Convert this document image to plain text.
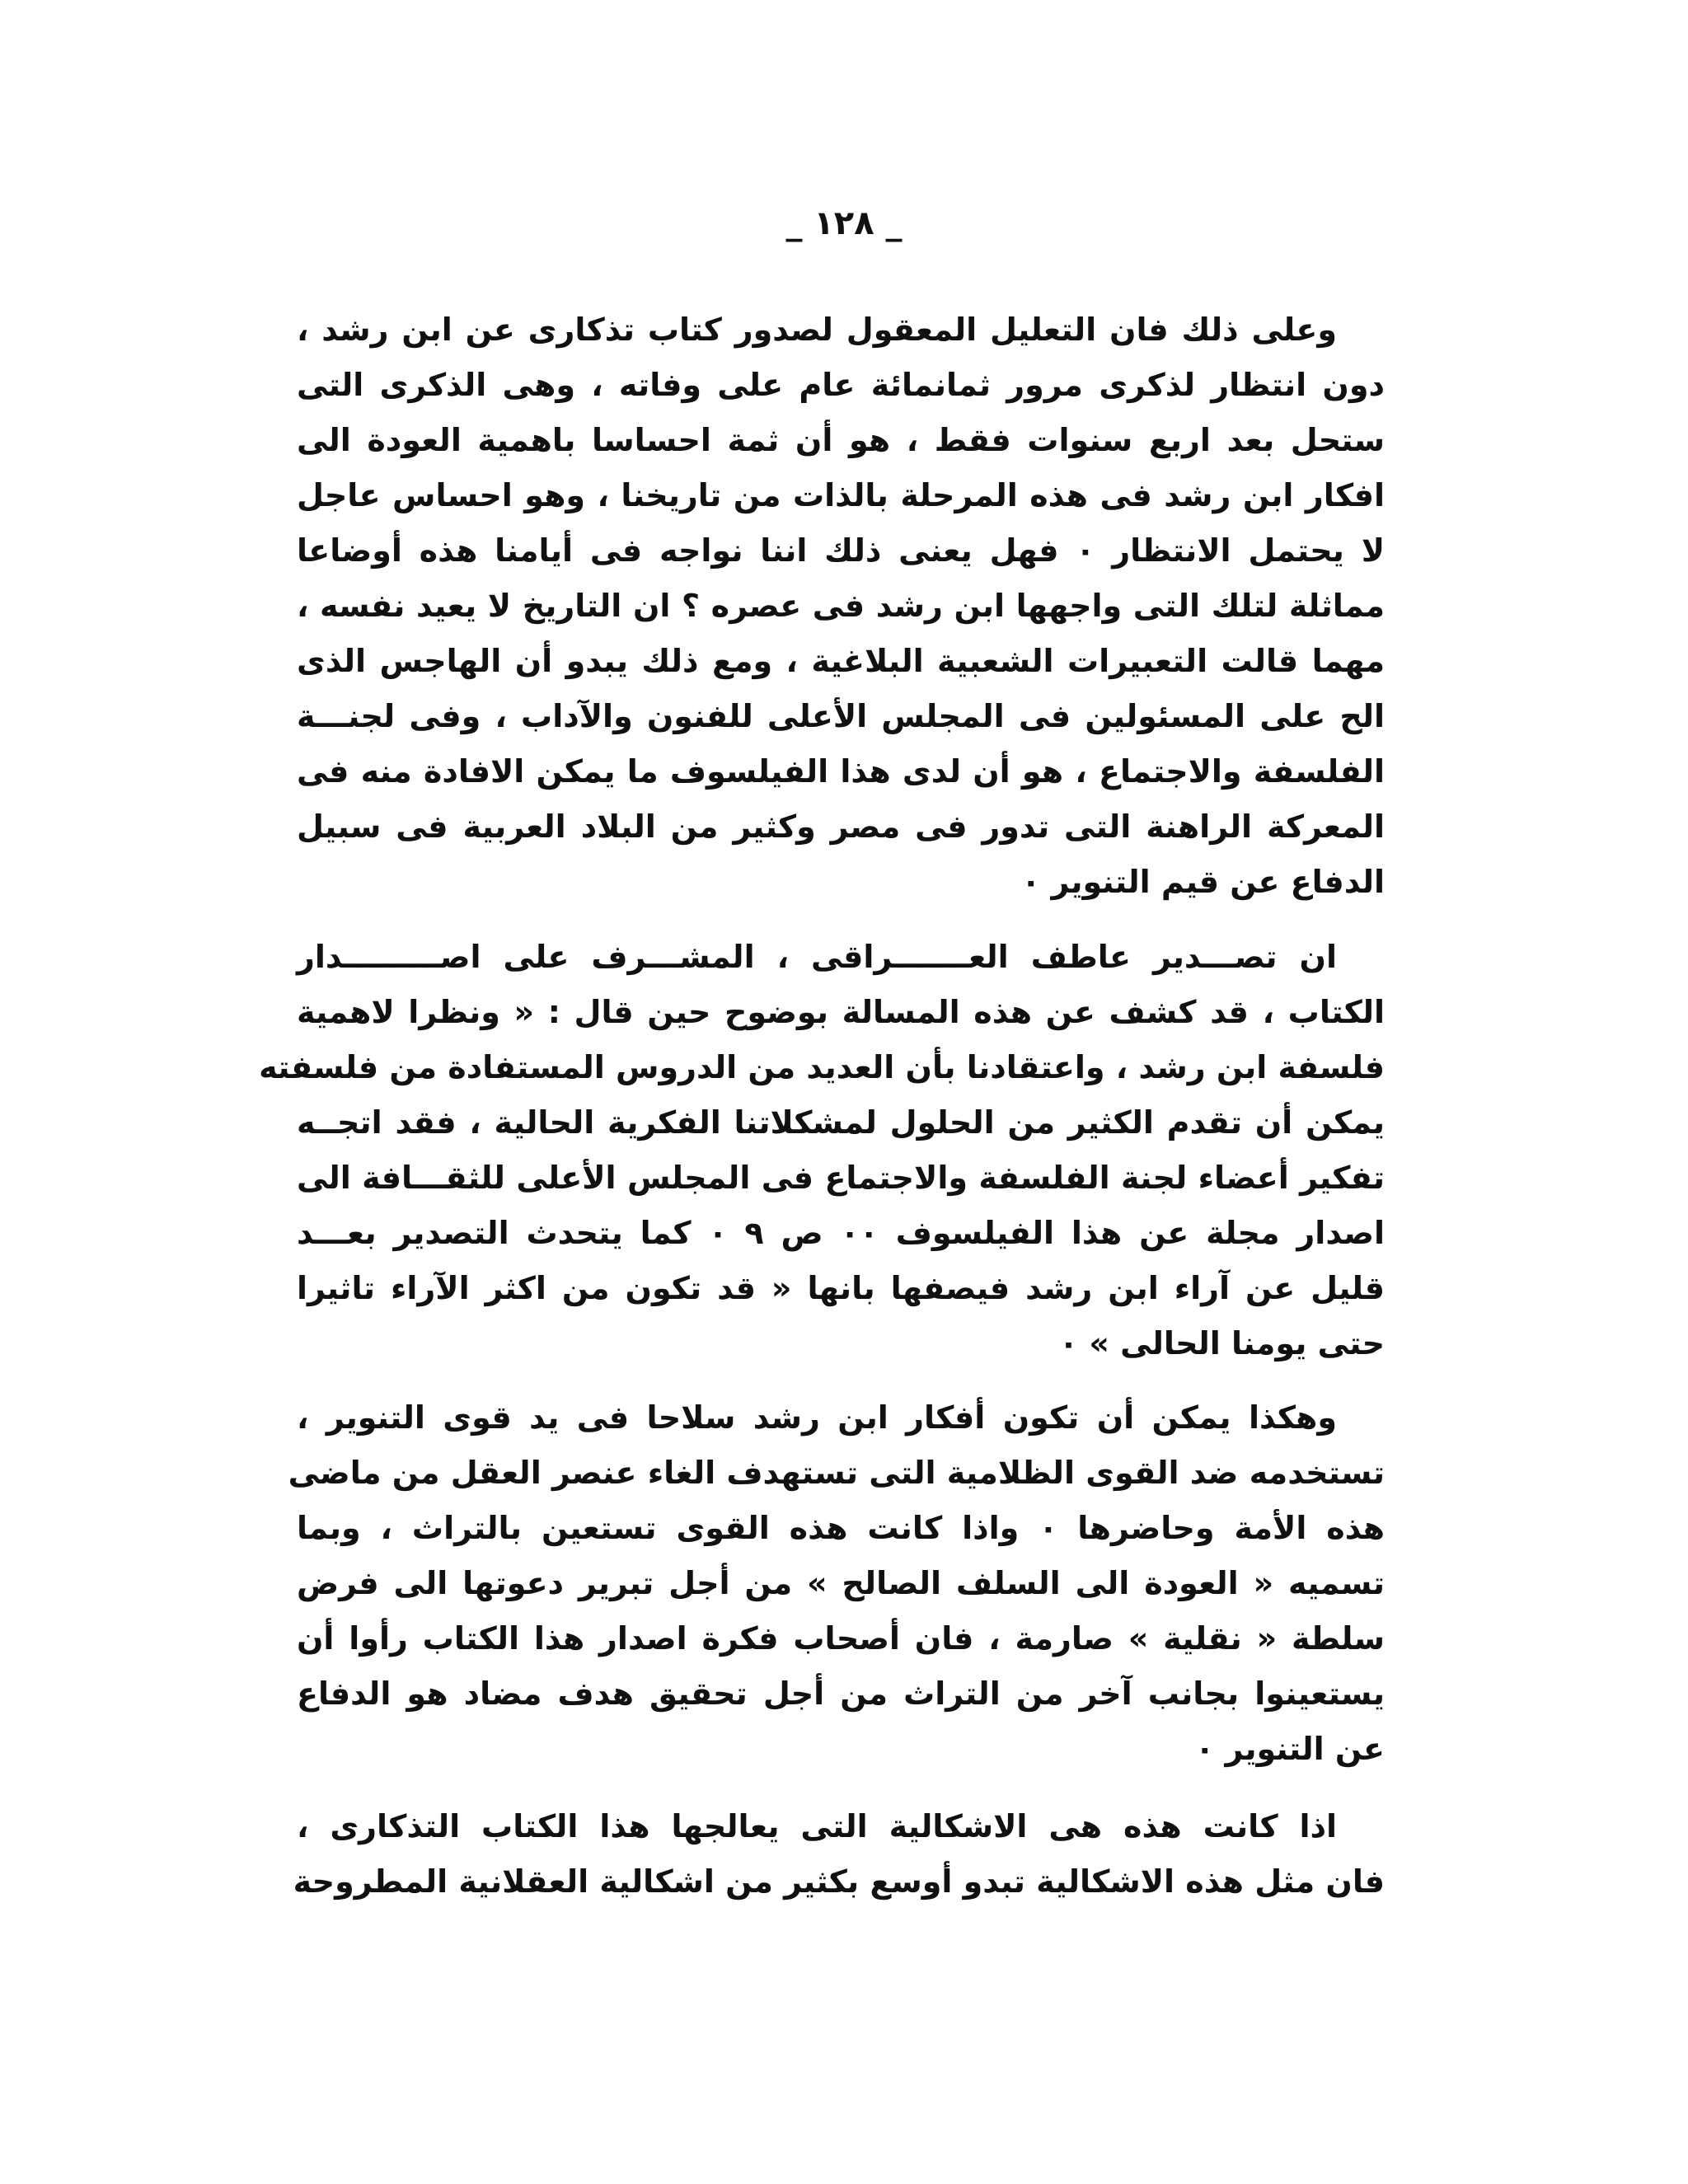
_ ١٢٨ _
وعلى ذلك فان التعليل المعقول لصدور كتاب تذكارى عن ابن رشد ،
دون انتظار لذكرى مرور ثمانمائة عام على وفاته ، وهى الذكرى التى
ستحل بعد اربع سنوات فقط ، هو أن ثمة احساسا باهمية العودة الى
افكار ابن رشد فى هذه المرحلة بالذات من تاريخنا ، وهو احساس عاجل
لا يحتمل الانتظار ٠ فهل يعنى ذلك اننا نواجه فى أيامنا هذه أوضاعا
مماثلة لتلك التى واجهها ابن رشد فى عصره ؟ ان التاريخ لا يعيد نفسه ،
مهما قالت التعبيرات الشعبية البلاغية ، ومع ذلك يبدو أن الهاجس الذى
الح على المسئولين فى المجلس الأعلى للفنون والآداب ، وفى لجنـــة
الفلسفة والاجتماع ، هو أن لدى هذا الفيلسوف ما يمكن الافادة منه فى
المعركة الراهنة التى تدور فى مصر وكثير من البلاد العربية فى سبيل
الدفاع عن قيم التنوير ٠
ان تصـــدير عاطف العـــــــراقى ، المشـــرف على اصـــــــــدار
الكتاب ، قد كشف عن هذه المسالة بوضوح حين قال : « ونظرا لاهمية
فلسفة ابن رشد ، واعتقادنا بأن العديد من الدروس المستفادة من فلسفته
يمكن أن تقدم الكثير من الحلول لمشكلاتنا الفكرية الحالية ، فقد اتجــه
تفكير أعضاء لجنة الفلسفة والاجتماع فى المجلس الأعلى للثقـــافة الى
اصدار مجلة عن هذا الفيلسوف ٠٠ ص ٩ ٠ كما يتحدث التصدير بعـــد
قليل عن آراء ابن رشد فيصفها بانها « قد تكون من اكثر الآراء تاثيرا
حتى يومنا الحالى » ٠
وهكذا يمكن أن تكون أفكار ابن رشد سلاحا فى يد قوى التنوير ،
تستخدمه ضد القوى الظلامية التى تستهدف الغاء عنصر العقل من ماضى
هذه الأمة وحاضرها ٠ واذا كانت هذه القوى تستعين بالتراث ، وبما
تسميه « العودة الى السلف الصالح » من أجل تبرير دعوتها الى فرض
سلطة « نقلية » صارمة ، فان أصحاب فكرة اصدار هذا الكتاب رأوا أن
يستعينوا بجانب آخر من التراث من أجل تحقيق هدف مضاد هو الدفاع
عن التنوير ٠
اذا كانت هذه هى الاشكالية التى يعالجها هذا الكتاب التذكارى ،
فان مثل هذه الاشكالية تبدو أوسع بكثير من اشكالية العقلانية المطروحة
